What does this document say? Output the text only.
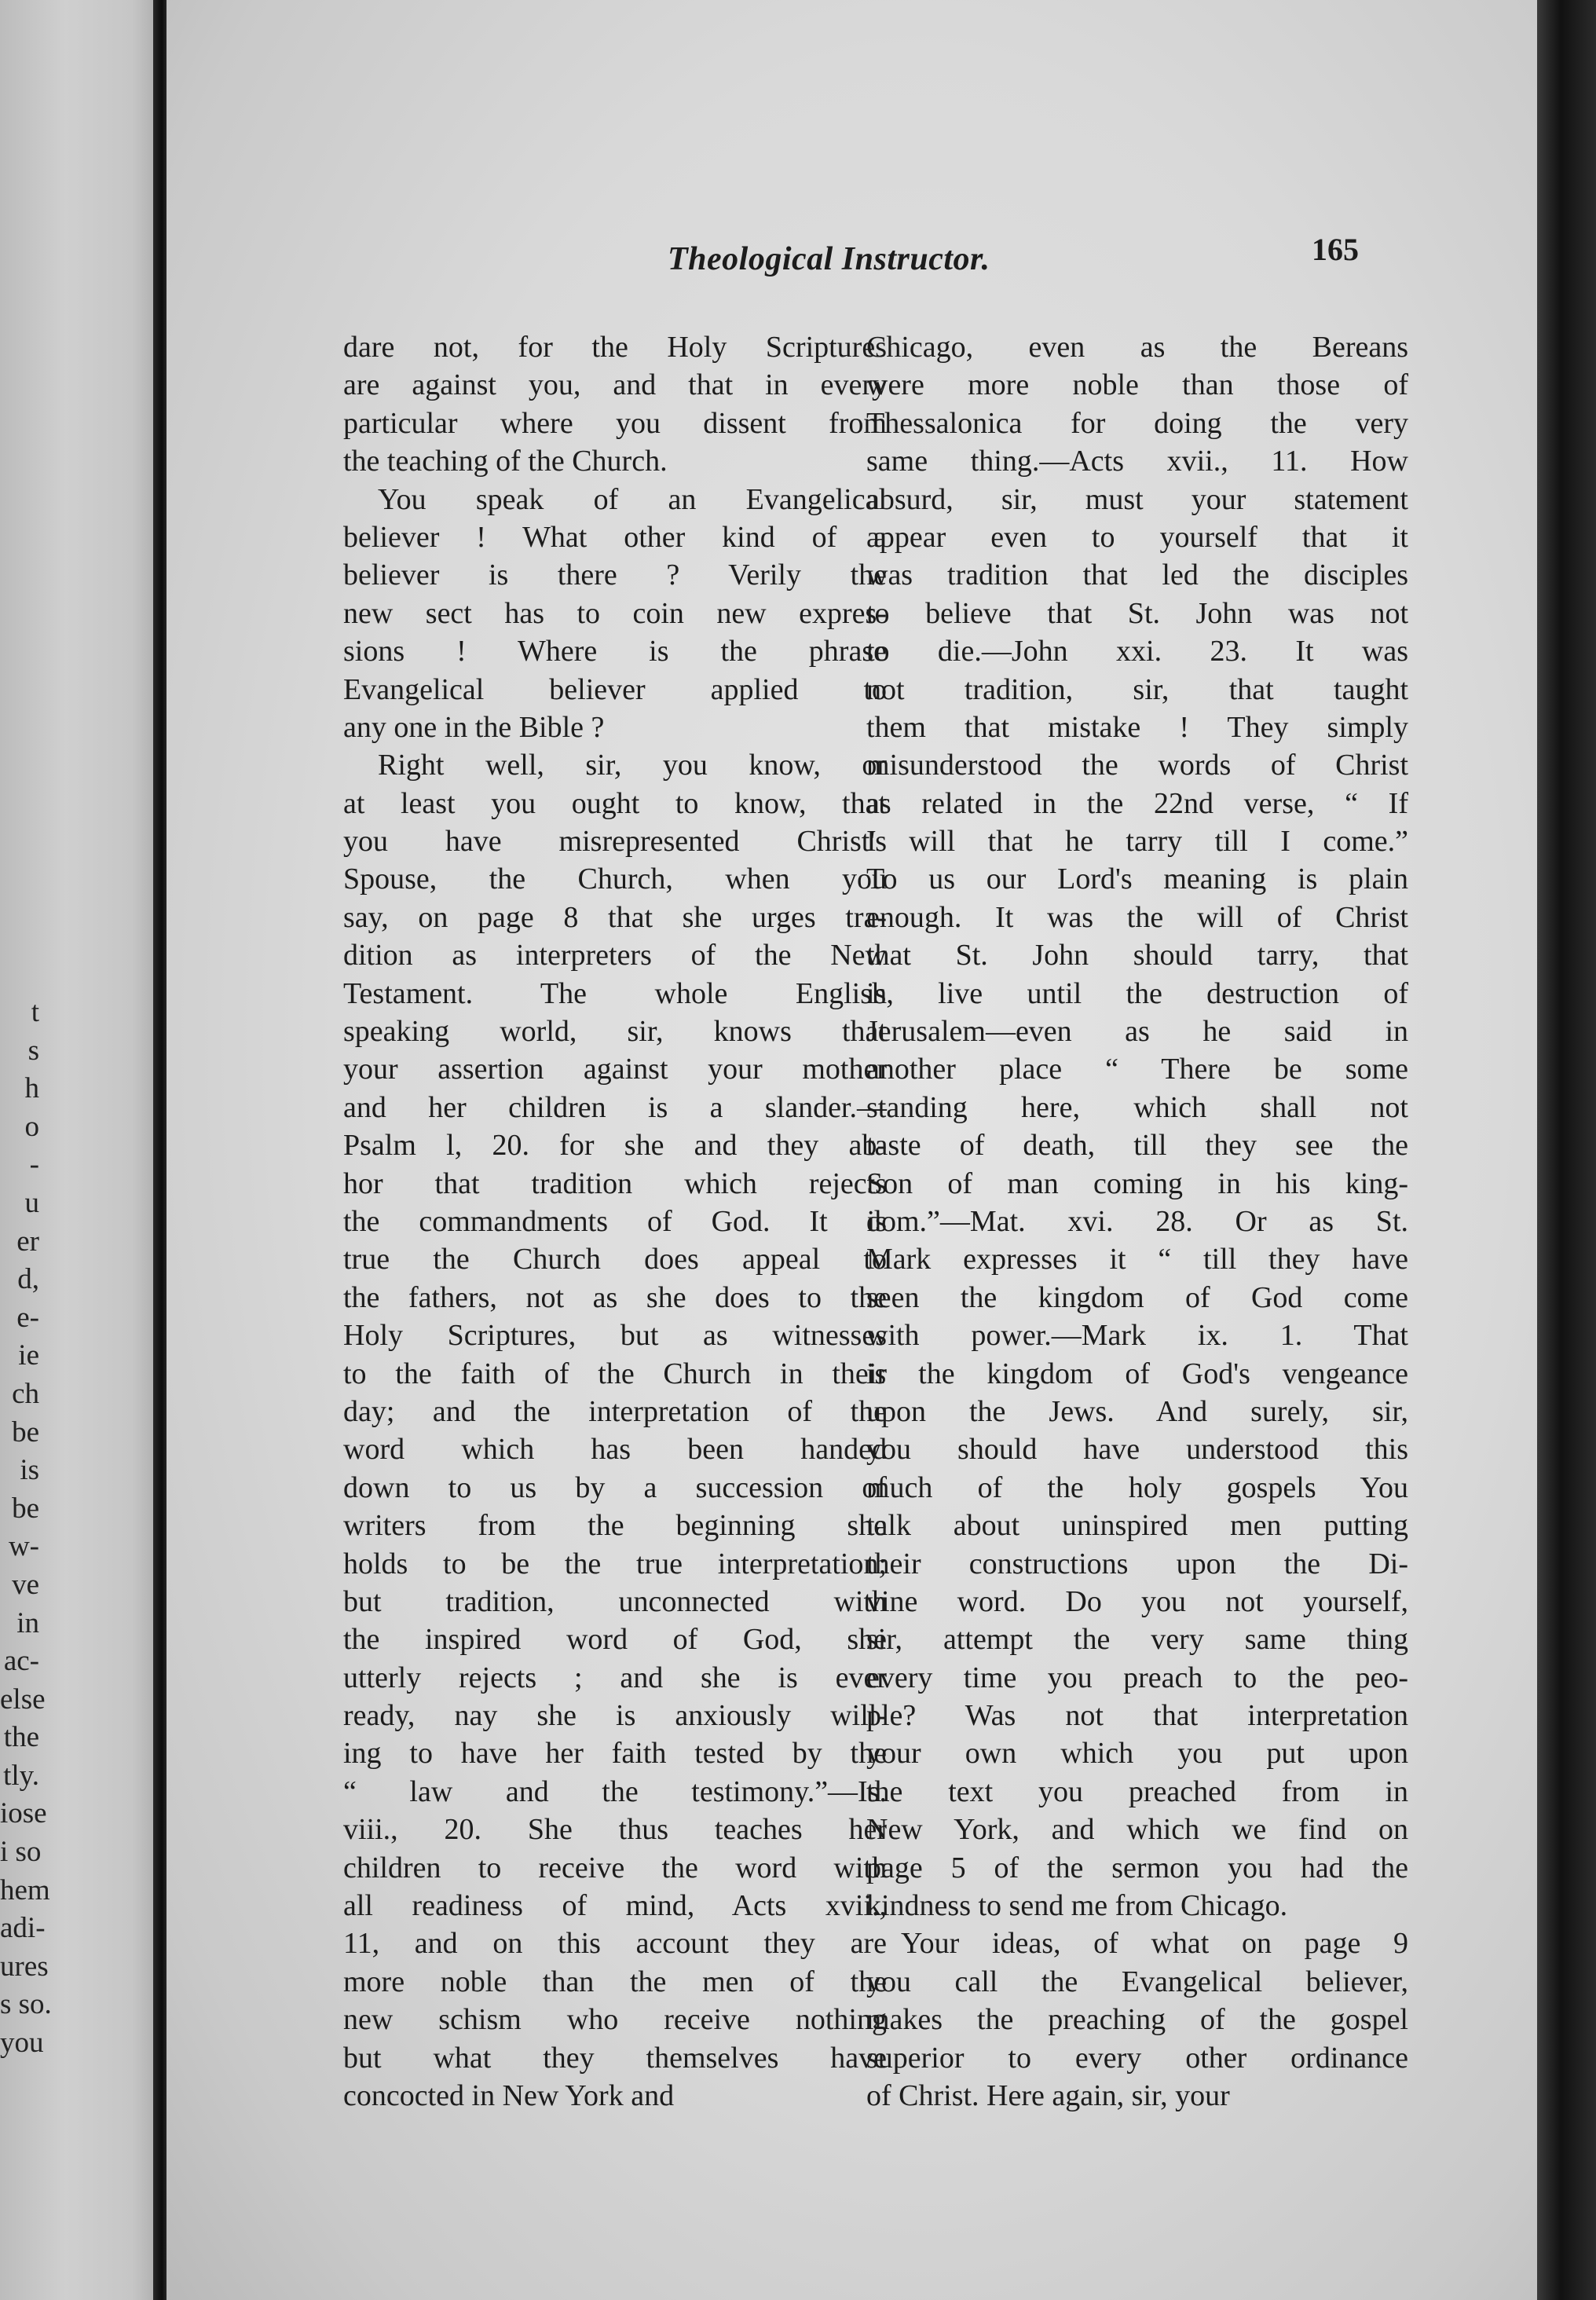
t
s
h
o
-
u
er
d,
e-
ie
ch
be
is
be
w-
ve
in
ac-
else
the
tly.
iose
i so
hem
adi-
ures
s so.
you
Theological Instructor.	165

dare not, for the Holy Scriptures
are against you, and that in every
particular where you dissent from
the teaching of the Church.

You speak of an Evangelical
believer ! What other kind of a
believer is there ? Verily the
new sect has to coin new expres-
sions ! Where is the phrase
Evangelical believer applied to
any one in the Bible ?

Right well, sir, you know, or
at least you ought to know, that
you have misrepresented Christ's
Spouse, the Church, when you
say, on page 8 that she urges tra-
dition as interpreters of the New
Testament. The whole English
speaking world, sir, knows that
your assertion against your mother
and her children is a slander.—
Psalm l, 20. for she and they ab-
hor that tradition which rejects
the commandments of God. It is
true the Church does appeal to
the fathers, not as she does to the
Holy Scriptures, but as witnesses
to the faith of the Church in their
day; and the interpretation of the
word which has been handed
down to us by a succession of
writers from the beginning she
holds to be the true interpretation;
but tradition, unconnected with
the inspired word of God, she
utterly rejects ; and she is ever
ready, nay she is anxiously will-
ing to have her faith tested by the
“ law and the testimony.”—Is.
viii., 20. She thus teaches her
children to receive the word with
all readiness of mind, Acts xvii.,
11, and on this account they are
more noble than the men of the
new schism who receive nothing
but what they themselves have
concocted in New York and

Chicago, even as the Bereans
were more noble than those of
Thessalonica for doing the very
same thing.—Acts xvii., 11. How
absurd, sir, must your statement
appear even to yourself that it
was tradition that led the disciples
to believe that St. John was not
to die.—John xxi. 23. It was
not tradition, sir, that taught
them that mistake ! They simply
misunderstood the words of Christ
as related in the 22nd verse, “ If
I will that he tarry till I come.”
To us our Lord's meaning is plain
enough. It was the will of Christ
that St. John should tarry, that
is, live until the destruction of
Jerusalem—even as he said in
another place “ There be some
standing here, which shall not
taste of death, till they see the
Son of man coming in his king-
dom.”—Mat. xvi. 28. Or as St.
Mark expresses it “ till they have
seen the kingdom of God come
with power.—Mark ix. 1. That
is the kingdom of God's vengeance
upon the Jews. And surely, sir,
you should have understood this
much of the holy gospels You
talk about uninspired men putting
their constructions upon the Di-
vine word. Do you not yourself,
sir, attempt the very same thing
every time you preach to the peo-
ple? Was not that interpretation
your own which you put upon
the text you preached from in
New York, and which we find on
page 5 of the sermon you had the
kindness to send me from Chicago.

Your ideas, of what on page 9
you call the Evangelical believer,
makes the preaching of the gospel
superior to every other ordinance
of Christ. Here again, sir, your
